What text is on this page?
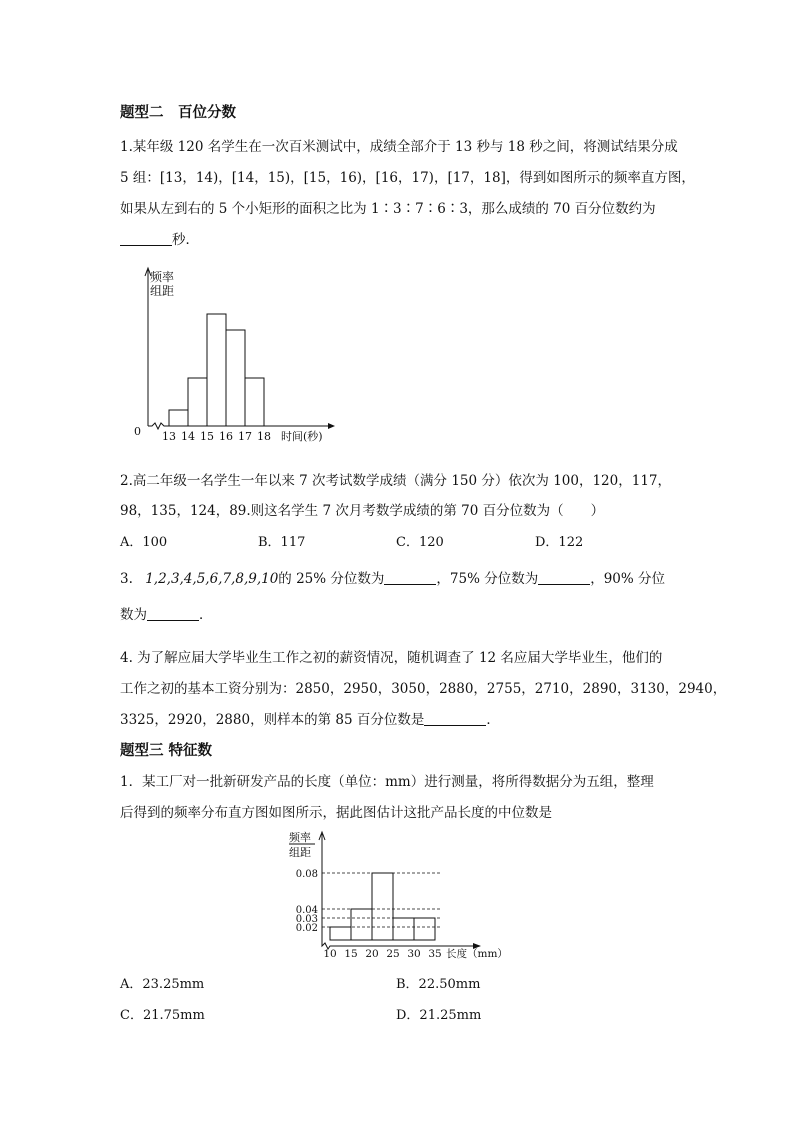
题型二　百位分数
1.某年级 120 名学生在一次百米测试中，成绩全部介于 13 秒与 18 秒之间，将测试结果分成
5 组：[13，14)，[14，15)，[15，16)，[16，17)，[17，18]，得到如图所示的频率直方图，
如果从左到右的 5 个小矩形的面积之比为 1∶3∶7∶6∶3，那么成绩的 70 百分位数约为
秒．
频率
组距
0 13 14 15 16 17 18 时间(秒)
2.高二年级一名学生一年以来 7 次考试数学成绩（满分 150 分）依次为 100，120，117，
98，135，124，89.则这名学生 7 次月考数学成绩的第 70 百分位数为（　　）
A．100	B．117	C．120	D．122
3. 1,2,3,4,5,6,7,8,9,10的 25% 分位数为	，75% 分位数为	，90% 分位
数为	．
4. 为了解应届大学毕业生工作之初的薪资情况，随机调查了 12 名应届大学毕业生，他们的
工作之初的基本工资分别为：2850，2950，3050，2880，2755，2710，2890，3130，2940，
3325，2920，2880，则样本的第 85 百分位数是	．
题型三 特征数
1．某工厂对一批新研发产品的长度（单位：mm）进行测量，将所得数据分为五组，整理
后得到的频率分布直方图如图所示，据此图估计这批产品长度的中位数是
频率
组距
0.08
0.04
0.03
0.02
10 15 20 25 30 35 长度（mm）
A．23.25mm	B．22.50mm
C．21.75mm	D．21.25mm
